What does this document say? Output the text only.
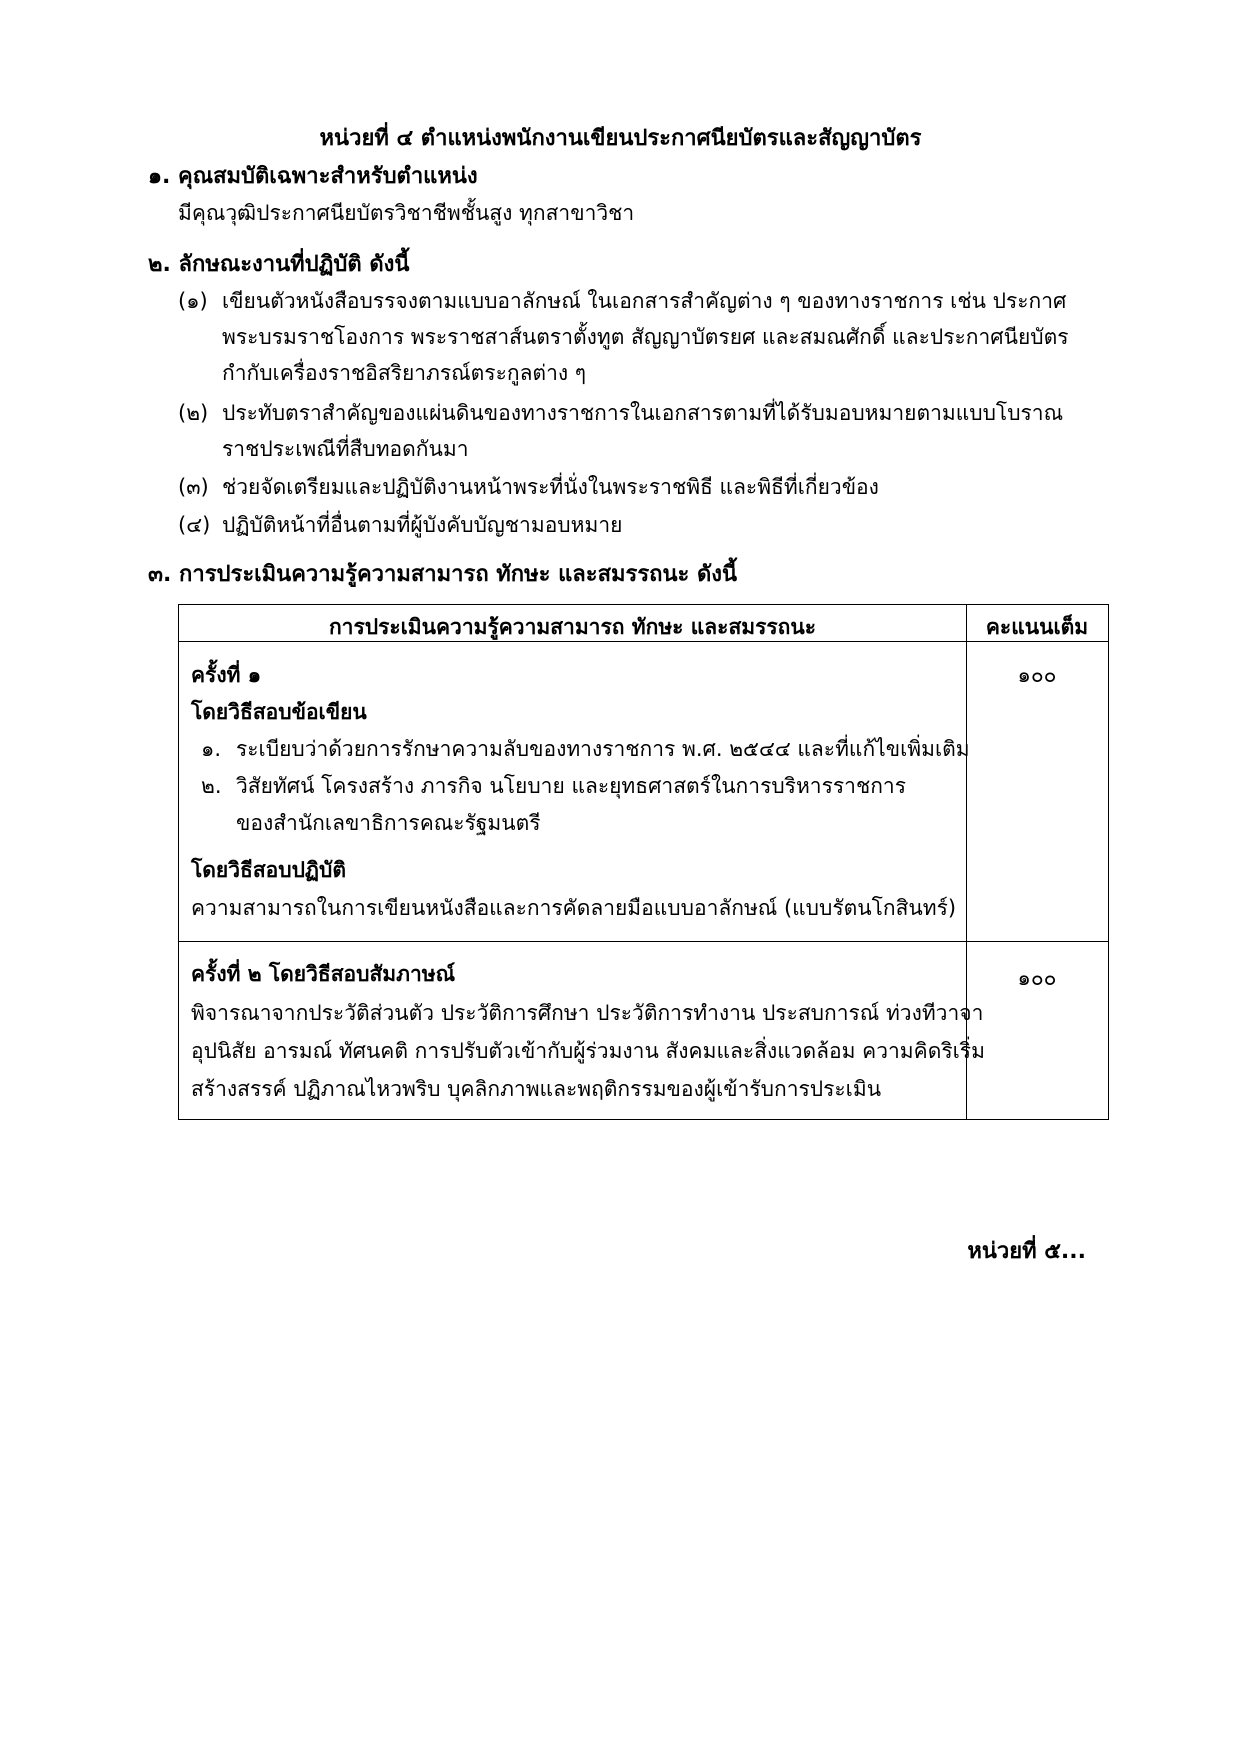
หน่วยที่ ๔ ตำแหน่งพนักงานเขียนประกาศนียบัตรและสัญญาบัตร
๑. คุณสมบัติเฉพาะสำหรับตำแหน่ง
มีคุณวุฒิประกาศนียบัตรวิชาชีพชั้นสูง ทุกสาขาวิชา
๒. ลักษณะงานที่ปฏิบัติ ดังนี้
(๑) เขียนตัวหนังสือบรรจงตามแบบอาลักษณ์ ในเอกสารสำคัญต่าง ๆ ของทางราชการ เช่น ประกาศ
พระบรมราชโองการ พระราชสาส์นตราตั้งทูต สัญญาบัตรยศ และสมณศักดิ์ และประกาศนียบัตร
กำกับเครื่องราชอิสริยาภรณ์ตระกูลต่าง ๆ
(๒) ประทับตราสำคัญของแผ่นดินของทางราชการในเอกสารตามที่ได้รับมอบหมายตามแบบโบราณ
ราชประเพณีที่สืบทอดกันมา
(๓) ช่วยจัดเตรียมและปฏิบัติงานหน้าพระที่นั่งในพระราชพิธี และพิธีที่เกี่ยวข้อง
(๔) ปฏิบัติหน้าที่อื่นตามที่ผู้บังคับบัญชามอบหมาย
๓. การประเมินความรู้ความสามารถ ทักษะ และสมรรถนะ ดังนี้
การประเมินความรู้ความสามารถ ทักษะ และสมรรถนะ	คะแนนเต็ม
ครั้งที่ ๑	๑๐๐
โดยวิธีสอบข้อเขียน
๑. ระเบียบว่าด้วยการรักษาความลับของทางราชการ พ.ศ. ๒๕๔๔ และที่แก้ไขเพิ่มเติม
๒. วิสัยทัศน์ โครงสร้าง ภารกิจ นโยบาย และยุทธศาสตร์ในการบริหารราชการ
ของสำนักเลขาธิการคณะรัฐมนตรี
โดยวิธีสอบปฏิบัติ
ความสามารถในการเขียนหนังสือและการคัดลายมือแบบอาลักษณ์ (แบบรัตนโกสินทร์)
ครั้งที่ ๒ โดยวิธีสอบสัมภาษณ์	๑๐๐
พิจารณาจากประวัติส่วนตัว ประวัติการศึกษา ประวัติการทำงาน ประสบการณ์ ท่วงทีวาจา
อุปนิสัย อารมณ์ ทัศนคติ การปรับตัวเข้ากับผู้ร่วมงาน สังคมและสิ่งแวดล้อม ความคิดริเริ่ม
สร้างสรรค์ ปฏิภาณไหวพริบ บุคลิกภาพและพฤติกรรมของผู้เข้ารับการประเมิน
หน่วยที่ ๕...
